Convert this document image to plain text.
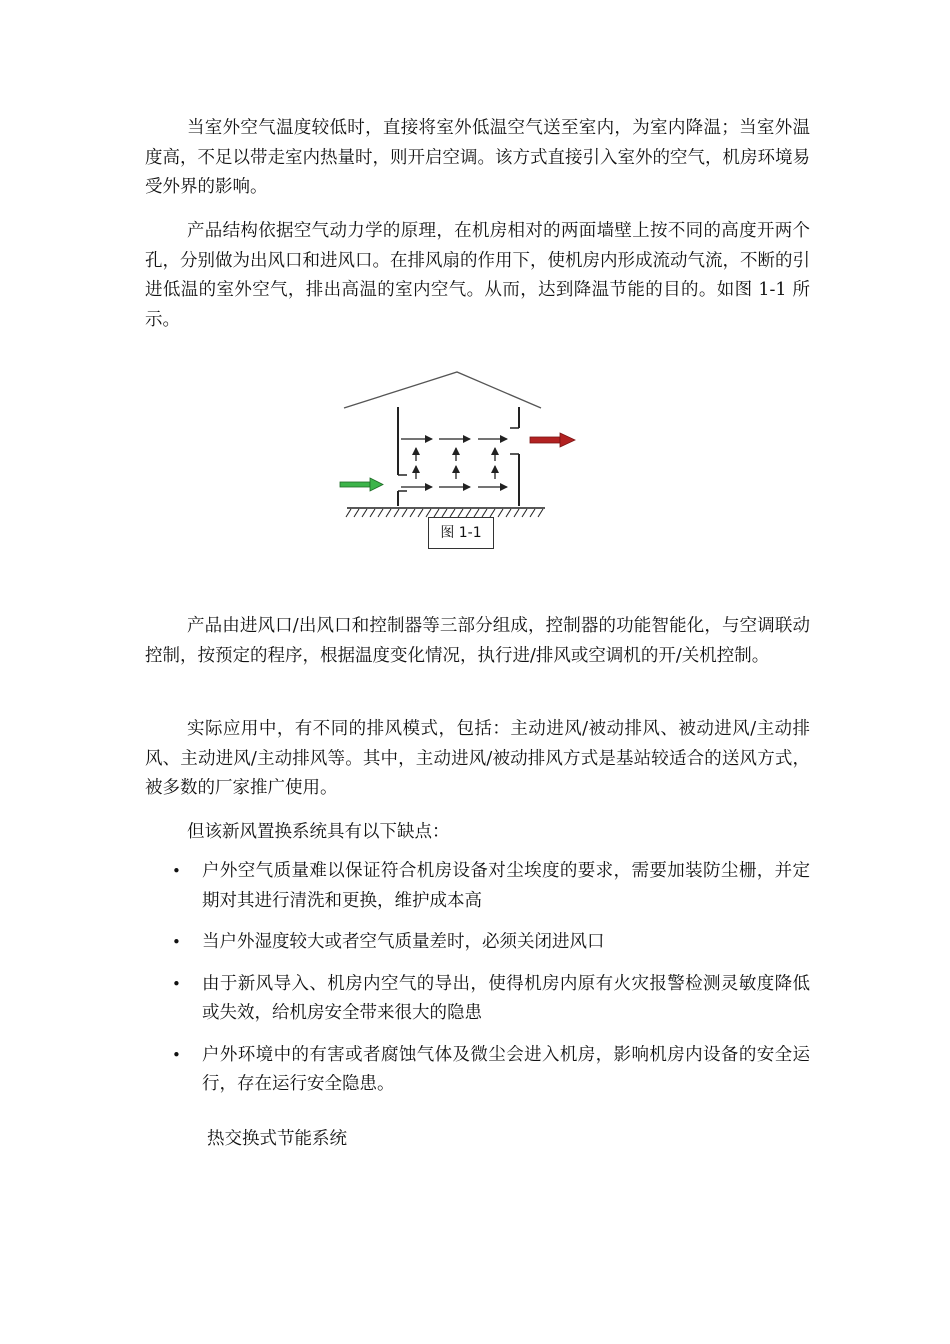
当室外空气温度较低时，直接将室外低温空气送至室内，为室内降温；当室外温度高，不足以带走室内热量时，则开启空调。该方式直接引入室外的空气，机房环境易受外界的影响。

产品结构依据空气动力学的原理，在机房相对的两面墙壁上按不同的高度开两个孔，分别做为出风口和进风口。在排风扇的作用下，使机房内形成流动气流，不断的引进低温的室外空气，排出高温的室内空气。从而，达到降温节能的目的。如图 1-1 所示。

图 1-1

产品由进风口/出风口和控制器等三部分组成，控制器的功能智能化，与空调联动控制，按预定的程序，根据温度变化情况，执行进/排风或空调机的开/关机控制。

实际应用中，有不同的排风模式，包括：主动进风/被动排风、被动进风/主动排风、主动进风/主动排风等。其中，主动进风/被动排风方式是基站较适合的送风方式，被多数的厂家推广使用。

但该新风置换系统具有以下缺点：

• 户外空气质量难以保证符合机房设备对尘埃度的要求，需要加装防尘栅，并定期对其进行清洗和更换，维护成本高
• 当户外湿度较大或者空气质量差时，必须关闭进风口
• 由于新风导入、机房内空气的导出，使得机房内原有火灾报警检测灵敏度降低或失效，给机房安全带来很大的隐患
• 户外环境中的有害或者腐蚀气体及微尘会进入机房，影响机房内设备的安全运行，存在运行安全隐患。

热交换式节能系统
